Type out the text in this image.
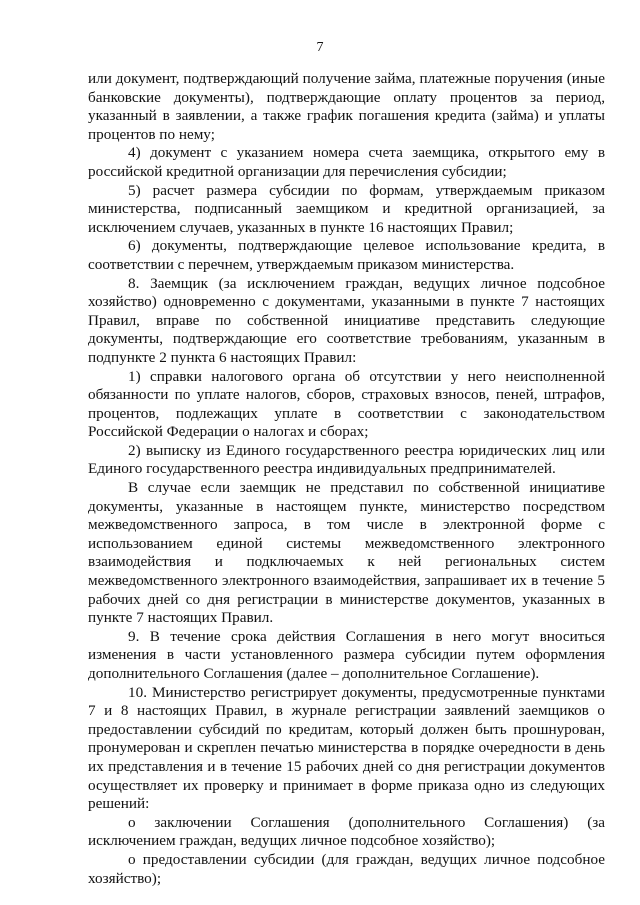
7

или документ, подтверждающий получение займа, платежные поручения (иные банковские документы), подтверждающие оплату процентов за период, указанный в заявлении, а также график погашения кредита (займа) и уплаты процентов по нему;

4) документ с указанием номера счета заемщика, открытого ему в российской кредитной организации для перечисления субсидии;

5) расчет размера субсидии по формам, утверждаемым приказом министерства, подписанный заемщиком и кредитной организацией, за исключением случаев, указанных в пункте 16 настоящих Правил;

6) документы, подтверждающие целевое использование кредита, в соответствии с перечнем, утверждаемым приказом министерства.

8. Заемщик (за исключением граждан, ведущих личное подсобное хозяйство) одновременно с документами, указанными в пункте 7 настоящих Правил, вправе по собственной инициативе представить следующие документы, подтверждающие его соответствие требованиям, указанным в подпункте 2 пункта 6 настоящих Правил:

1) справки налогового органа об отсутствии у него неисполненной обязанности по уплате налогов, сборов, страховых взносов, пеней, штрафов, процентов, подлежащих уплате в соответствии с законодательством Российской Федерации о налогах и сборах;

2) выписку из Единого государственного реестра юридических лиц или Единого государственного реестра индивидуальных предпринимателей.

В случае если заемщик не представил по собственной инициативе документы, указанные в настоящем пункте, министерство посредством межведомственного запроса, в том числе в электронной форме с использованием единой системы межведомственного электронного взаимодействия и подключаемых к ней региональных систем межведомственного электронного взаимодействия, запрашивает их в течение 5 рабочих дней со дня регистрации в министерстве документов, указанных в пункте 7 настоящих Правил.

9. В течение срока действия Соглашения в него могут вноситься изменения в части установленного размера субсидии путем оформления дополнительного Соглашения (далее – дополнительное Соглашение).

10. Министерство регистрирует документы, предусмотренные пунктами 7 и 8 настоящих Правил, в журнале регистрации заявлений заемщиков о предоставлении субсидий по кредитам, который должен быть прошнурован, пронумерован и скреплен печатью министерства в порядке очередности в день их представления и в течение 15 рабочих дней со дня регистрации документов осуществляет их проверку и принимает в форме приказа одно из следующих решений:

о заключении Соглашения (дополнительного Соглашения) (за исключением граждан, ведущих личное подсобное хозяйство);

о предоставлении субсидии (для граждан, ведущих личное подсобное хозяйство);
